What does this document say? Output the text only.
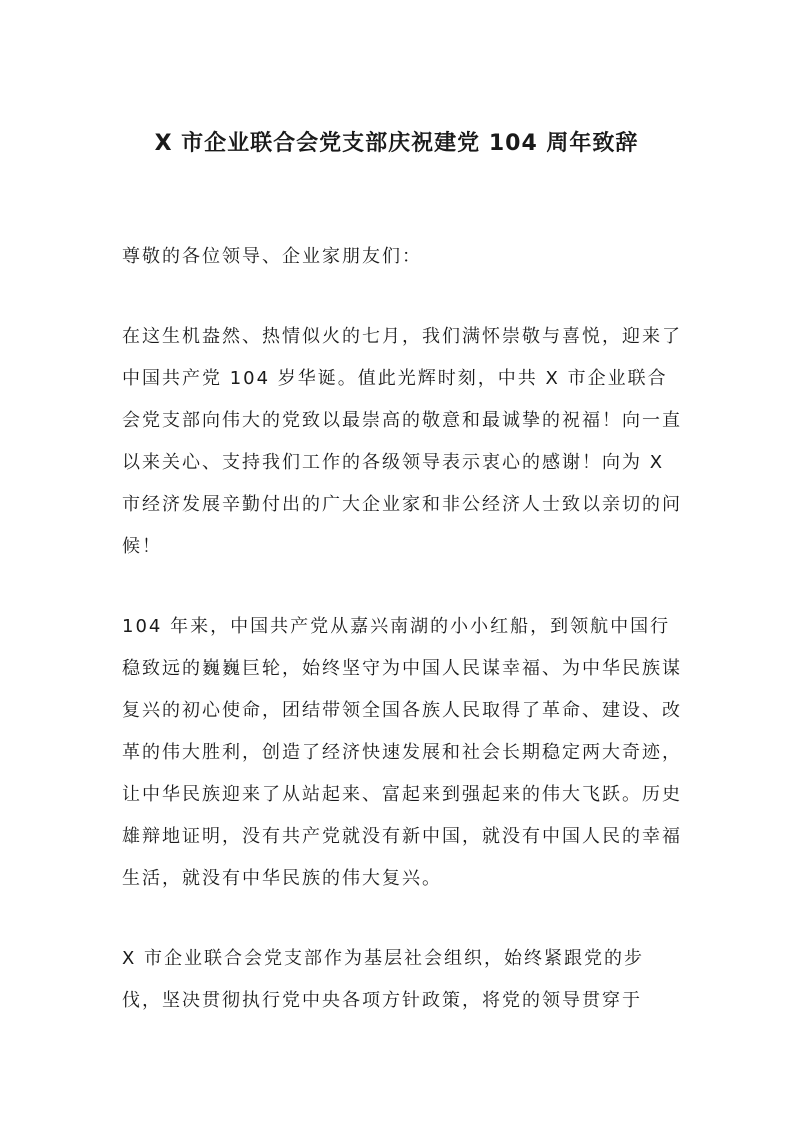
X 市企业联合会党支部庆祝建党 104 周年致辞

尊敬的各位领导、企业家朋友们：

在这生机盎然、热情似火的七月，我们满怀崇敬与喜悦，迎来了中国共产党 104 岁华诞。值此光辉时刻，中共 X 市企业联合会党支部向伟大的党致以最崇高的敬意和最诚挚的祝福！向一直以来关心、支持我们工作的各级领导表示衷心的感谢！向为 X 市经济发展辛勤付出的广大企业家和非公经济人士致以亲切的问候！

104 年来，中国共产党从嘉兴南湖的小小红船，到领航中国行稳致远的巍巍巨轮，始终坚守为中国人民谋幸福、为中华民族谋复兴的初心使命，团结带领全国各族人民取得了革命、建设、改革的伟大胜利，创造了经济快速发展和社会长期稳定两大奇迹，让中华民族迎来了从站起来、富起来到强起来的伟大飞跃。历史雄辩地证明，没有共产党就没有新中国，就没有中国人民的幸福生活，就没有中华民族的伟大复兴。

X 市企业联合会党支部作为基层社会组织，始终紧跟党的步伐，坚决贯彻执行党中央各项方针政策，将党的领导贯穿于
